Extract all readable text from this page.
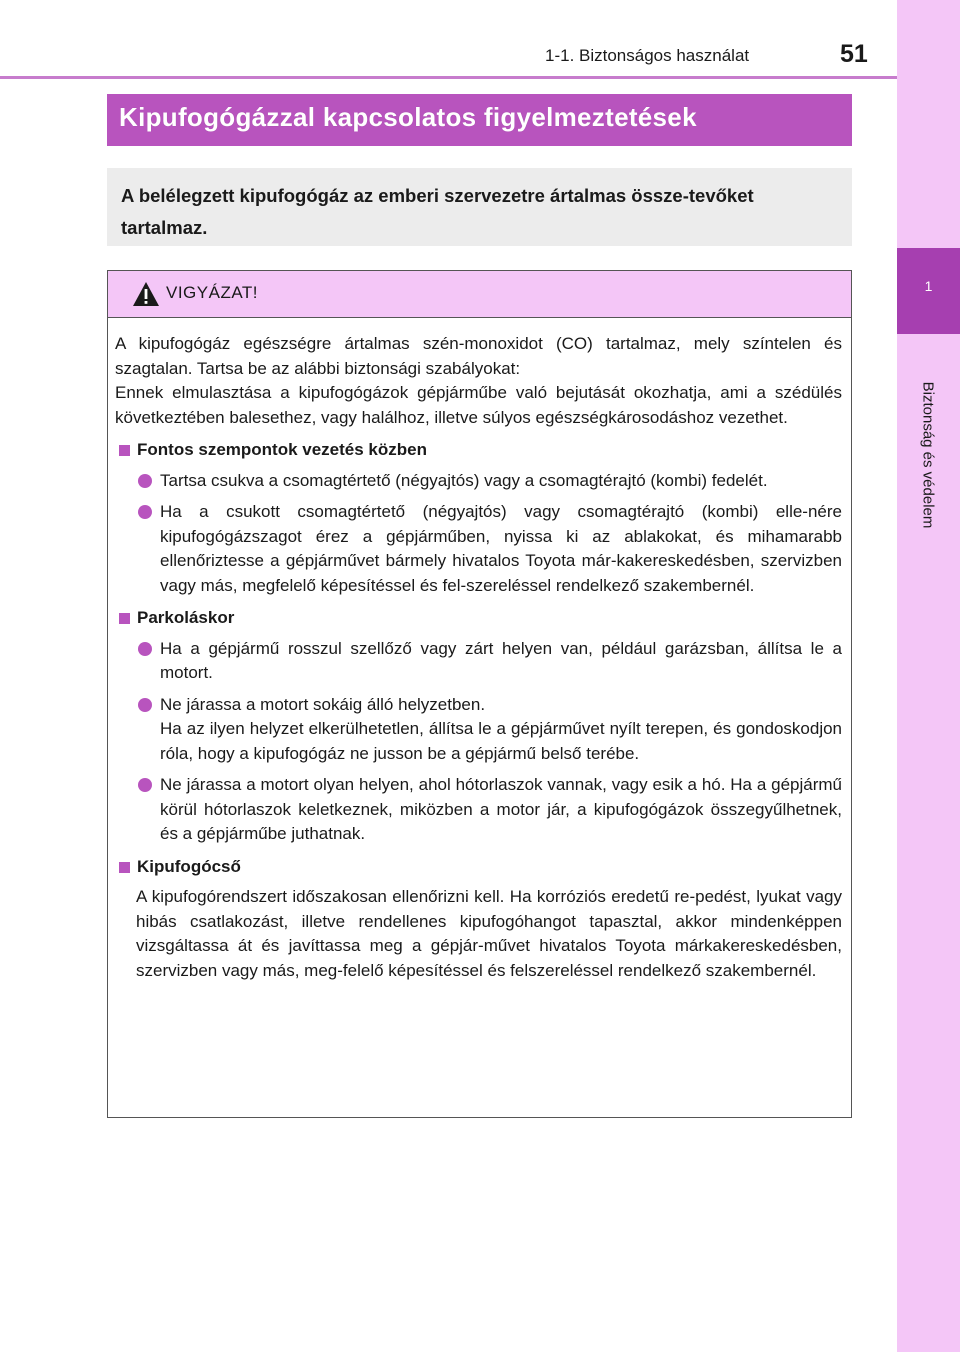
1
Biztonság és védelem
1-1. Biztonságos használat	51
Kipufogógázzal kapcsolatos figyelmeztetések

A belélegzett kipufogógáz az emberi szervezetre ártalmas össze-tevőket tartalmaz.

VIGYÁZAT!

A kipufogógáz egészségre ártalmas szén-monoxidot (CO) tartalmaz, mely színtelen és szagtalan. Tartsa be az alábbi biztonsági szabályokat:

Ennek elmulasztása a kipufogógázok gépjárműbe való bejutását okozhatja, ami a szédülés következtében balesethez, vagy halálhoz, illetve súlyos egészségkárosodáshoz vezethet.

Fontos szempontok vezetés közben
Tartsa csukva a csomagtértető (négyajtós) vagy a csomagtérajtó (kombi) fedelét.
Ha a csukott csomagtértető (négyajtós) vagy csomagtérajtó (kombi) elle-nére kipufogógázszagot érez a gépjárműben, nyissa ki az ablakokat, és mihamarabb ellenőriztesse a gépjárművet bármely hivatalos Toyota már-kakereskedésben, szervizben vagy más, megfelelő képesítéssel és fel-szereléssel rendelkező szakembernél.
Parkoláskor
Ha a gépjármű rosszul szellőző vagy zárt helyen van, például garázsban, állítsa le a motort.
Ne járassa a motort sokáig álló helyzetben.
Ha az ilyen helyzet elkerülhetetlen, állítsa le a gépjárművet nyílt terepen, és gondoskodjon róla, hogy a kipufogógáz ne jusson be a gépjármű belső terébe.
Ne járassa a motort olyan helyen, ahol hótorlaszok vannak, vagy esik a hó. Ha a gépjármű körül hótorlaszok keletkeznek, miközben a motor jár, a kipufogógázok összegyűlhetnek, és a gépjárműbe juthatnak.
Kipufogócső

A kipufogórendszert időszakosan ellenőrizni kell. Ha korróziós eredetű re-pedést, lyukat vagy hibás csatlakozást, illetve rendellenes kipufogóhangot tapasztal, akkor mindenképpen vizsgáltassa át és javíttassa meg a gépjár-művet hivatalos Toyota márkakereskedésben, szervizben vagy más, meg-felelő képesítéssel és felszereléssel rendelkező szakembernél.
